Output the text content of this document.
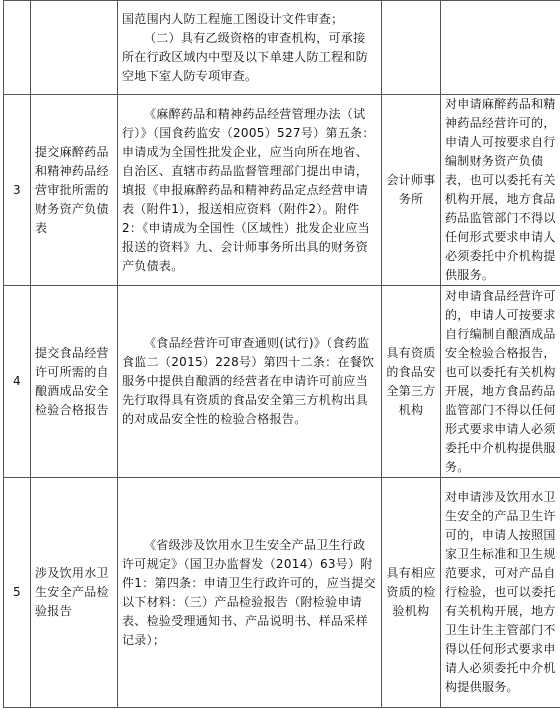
		国范围内人防工程施工图设计文件审查；
（二）具有乙级资格的审查机构，可承接所在行政区域内中型及以下单建人防工程和防空地下室人防专项审查。		

3	提交麻醉药品和精神药品经营审批所需的财务资产负债表	《麻醉药品和精神药品经营管理办法（试行）》（国食药监安（2005）527号）第五条：申请成为全国性批发企业，应当向所在地省、自治区、直辖市药品监督管理部门提出申请，填报《申报麻醉药品和精神药品定点经营申请表（附件1），报送相应资料（附件2）。附件2：《申请成为全国性（区域性）批发企业应当报送的资料》九、会计师事务所出具的财务资产负债表。	会计师事务所	对申请麻醉药品和精神药品经营许可的，申请人可按要求自行编制财务资产负债表，也可以委托有关机构开展，地方食品药品监管部门不得以任何形式要求申请人必须委托中介机构提供服务。
4	提交食品经营许可所需的自酿酒成品安全检验合格报告	《食品经营许可审查通则(试行)》（食药监食监二（2015）228号）第四十二条：在餐饮服务中提供自酿酒的经营者在申请许可前应当先行取得具有资质的食品安全第三方机构出具的对成品安全性的检验合格报告。	具有资质的食品安全第三方机构	对申请食品经营许可的，申请人可按要求自行编制自酿酒成品安全检验合格报告，也可以委托有关机构开展，地方食品药品监管部门不得以任何形式要求申请人必须委托中介机构提供服务。
5	涉及饮用水卫生安全产品检验报告	《省级涉及饮用水卫生安全产品卫生行政许可规定》（国卫办监督发（2014）63号）附件1：第四条：申请卫生行政许可的，应当提交以下材料：（三）产品检验报告（附检验申请表、检验受理通知书、产品说明书、样品采样记录）；	具有相应资质的检验机构	对申请涉及饮用水卫生安全的产品卫生许可的，申请人按照国家卫生标准和卫生规范要求，可对产品自行检验，也可以委托有关机构开展，地方卫生计生主管部门不得以任何形式要求申请人必须委托中介机构提供服务。
